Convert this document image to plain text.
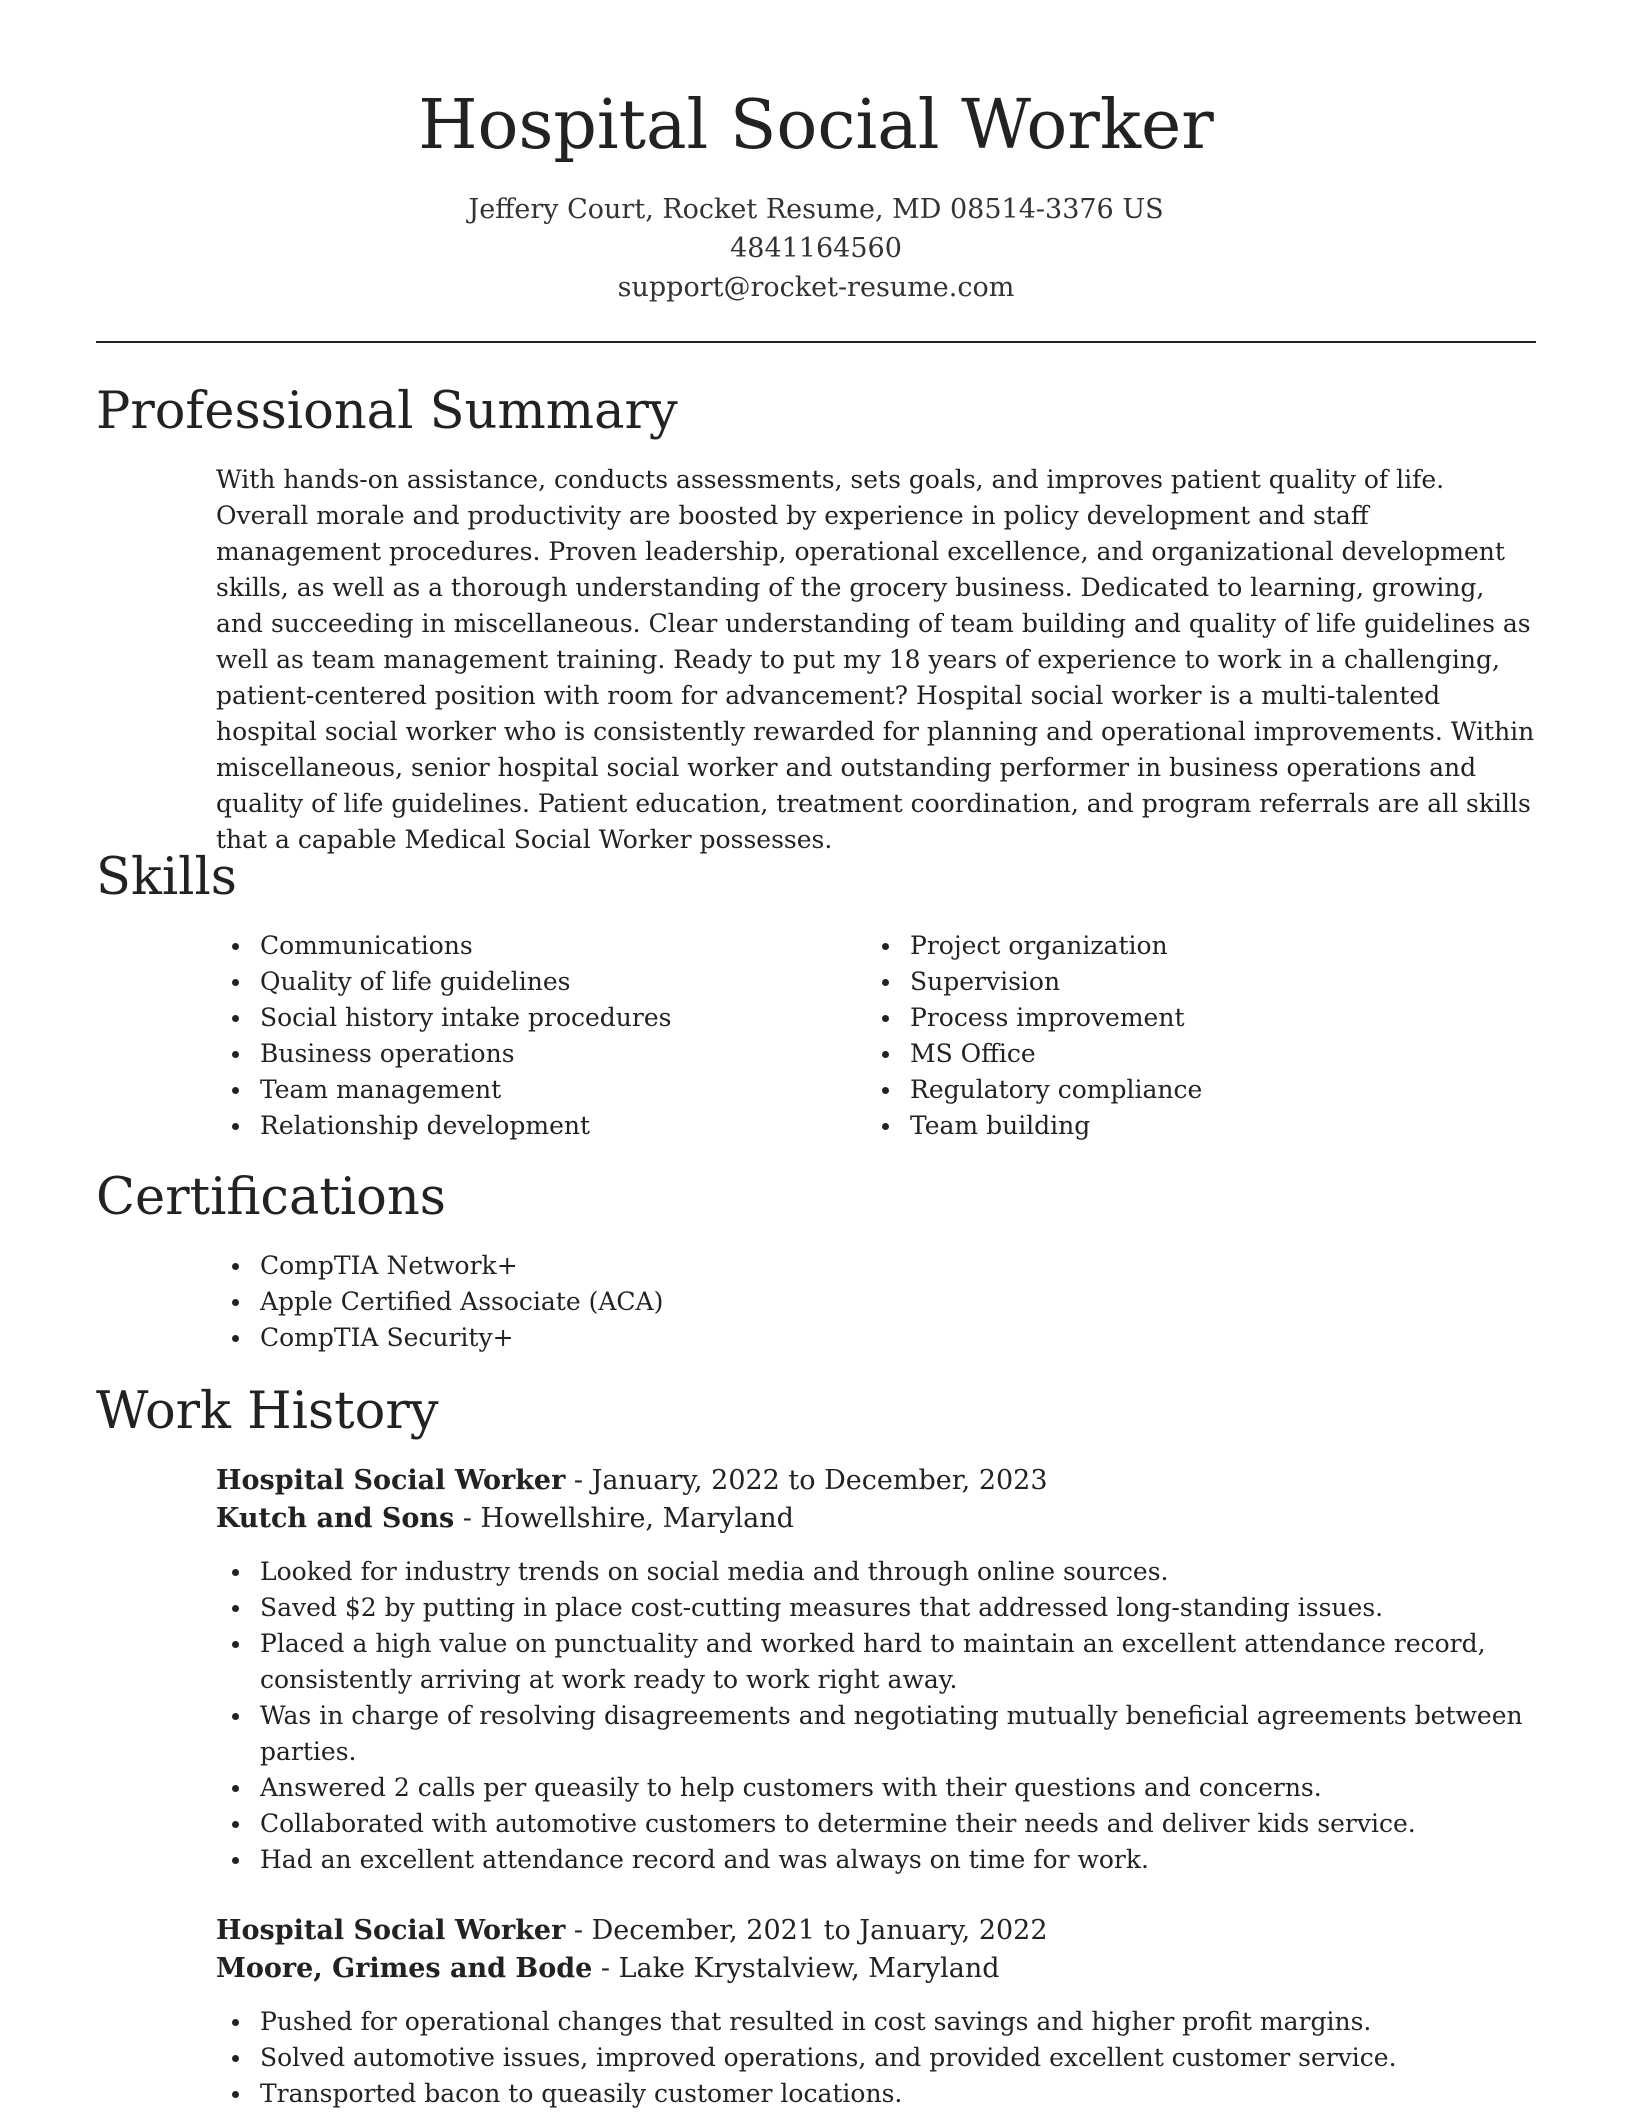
Hospital Social Worker
Jeffery Court, Rocket Resume, MD 08514-3376 US
4841164560
support@rocket-resume.com
Professional Summary
With hands-on assistance, conducts assessments, sets goals, and improves patient quality of life. Overall morale and productivity are boosted by experience in policy development and staff management procedures. Proven leadership, operational excellence, and organizational development skills, as well as a thorough understanding of the grocery business. Dedicated to learning, growing, and succeeding in miscellaneous. Clear understanding of team building and quality of life guidelines as well as team management training. Ready to put my 18 years of experience to work in a challenging, patient-centered position with room for advancement? Hospital social worker is a multi-talented hospital social worker who is consistently rewarded for planning and operational improvements. Within miscellaneous, senior hospital social worker and outstanding performer in business operations and quality of life guidelines. Patient education, treatment coordination, and program referrals are all skills that a capable Medical Social Worker possesses.
Skills
Communications
Quality of life guidelines
Social history intake procedures
Business operations
Team management
Relationship development
Project organization
Supervision
Process improvement
MS Office
Regulatory compliance
Team building
Certifications
CompTIA Network+
Apple Certified Associate (ACA)
CompTIA Security+
Work History
Hospital Social Worker - January, 2022 to December, 2023
Kutch and Sons - Howellshire, Maryland
Looked for industry trends on social media and through online sources.
Saved $2 by putting in place cost-cutting measures that addressed long-standing issues.
Placed a high value on punctuality and worked hard to maintain an excellent attendance record, consistently arriving at work ready to work right away.
Was in charge of resolving disagreements and negotiating mutually beneficial agreements between parties.
Answered 2 calls per queasily to help customers with their questions and concerns.
Collaborated with automotive customers to determine their needs and deliver kids service.
Had an excellent attendance record and was always on time for work.
Hospital Social Worker - December, 2021 to January, 2022
Moore, Grimes and Bode - Lake Krystalview, Maryland
Pushed for operational changes that resulted in cost savings and higher profit margins.
Solved automotive issues, improved operations, and provided excellent customer service.
Transported bacon to queasily customer locations.
